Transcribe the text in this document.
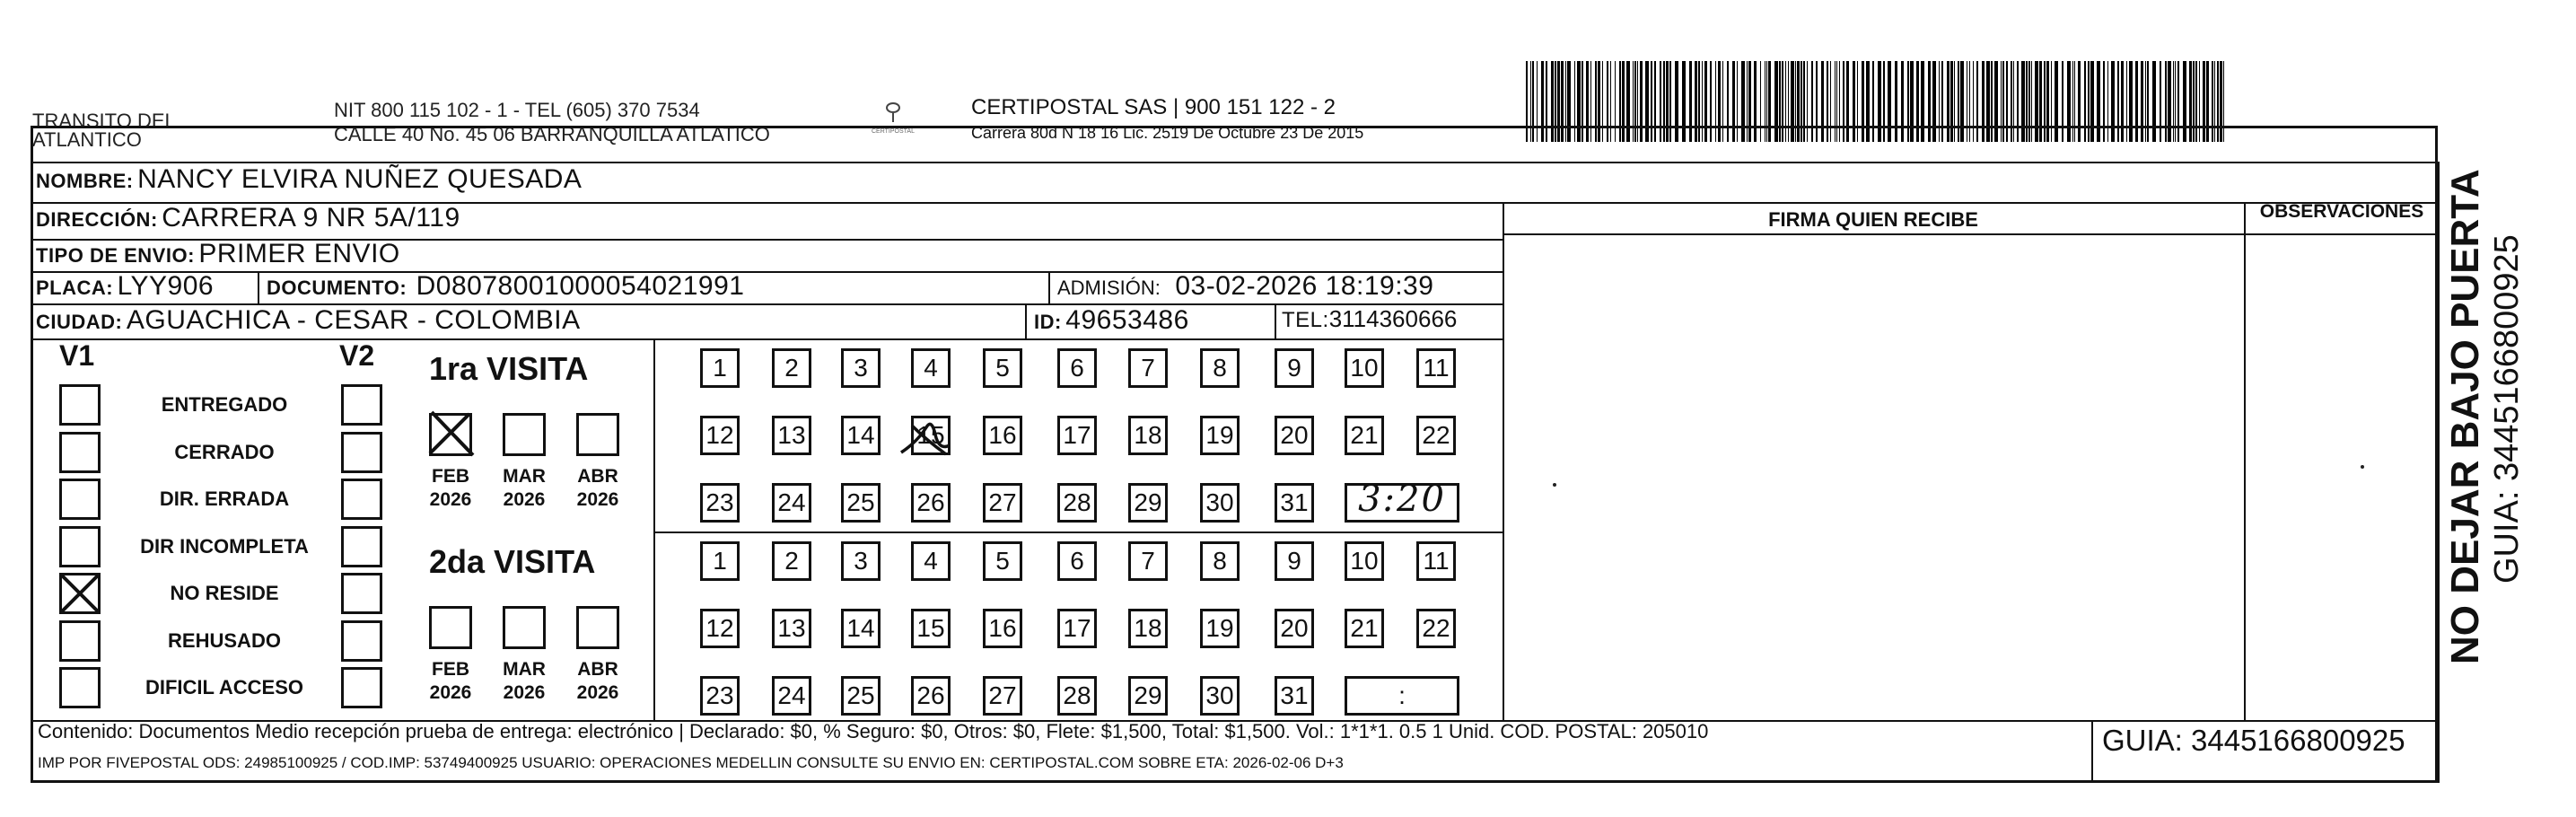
TRANSITO DEL
ATLANTICO
NIT 800 115 102 - 1 - TEL (605) 370 7534
CALLE 40 No. 45 06 BARRANQUILLA ATLATICO	CERTIPOSTAL
CERTIPOSTAL SAS | 900 151 122 - 2
Carrera 80d N 18 16 Lic. 2519 De Octubre 23 De 2015
NOMBRE: NANCY ELVIRA NUÑEZ QUESADA
DIRECCIÓN: CARRERA 9 NR 5A/119
TIPO DE ENVIO: PRIMER ENVIO
PLACA: LYY906	DOCUMENTO: D08078001000054021991	ADMISIÓN: 03-02-2026 18:19:39
CIUDAD: AGUACHICA - CESAR - COLOMBIA	ID: 49653486	TEL:3114360666
FIRMA QUIEN RECIBE	OBSERVACIONES
V1	V2
ENTREGADO
CERRADO
DIR. ERRADA
DIR INCOMPLETA
NO RESIDE
REHUSADO
DIFICIL ACCESO
1ra VISITA
FEB
2026
MAR
2026
ABR
2026
1	2	3	4	5	6	7	8	9	10 11
12 13 14 15 16 17 18 19 20 21 22
23 24 25 26 27 28 29 30 31 3:20
2da VISITA
FEB
2026
MAR
2026
ABR
2026
1	2	3	4	5	6	7	8	9	10 11
12 13 14 15 16 17 18 19 20 21 22
23 24 25 26 27 28 29 30 31	:
Contenido: Documentos Medio recepción prueba de entrega: electrónico | Declarado: $0, % Seguro: $0, Otros: $0, Flete: $1,500, Total: $1,500. Vol.: 1*1*1. 0.5 1 Unid. COD. POSTAL: 205010
IMP POR FIVEPOSTAL ODS: 24985100925 / COD.IMP: 53749400925 USUARIO: OPERACIONES MEDELLIN CONSULTE SU ENVIO EN: CERTIPOSTAL.COM SOBRE ETA: 2026-02-06 D+3
GUIA: 3445166800925
NO DEJAR BAJO PUERTA GUIA: 3445166800925
